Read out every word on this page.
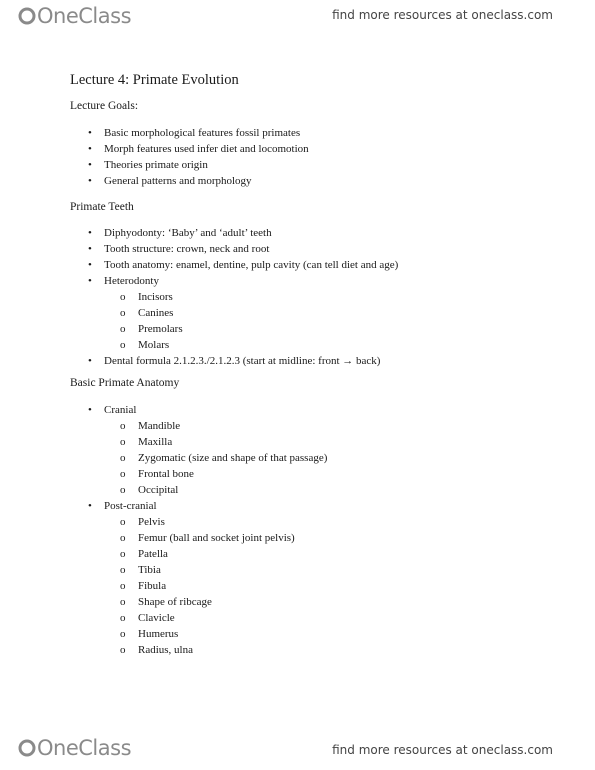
OneClass	find more resources at oneclass.com
Lecture 4: Primate Evolution
Lecture Goals:
• Basic morphological features fossil primates
• Morph features used infer diet and locomotion
• Theories primate origin
• General patterns and morphology
Primate Teeth
• Diphyodonty: ‘Baby’ and ‘adult’ teeth
• Tooth structure: crown, neck and root
• Tooth anatomy: enamel, dentine, pulp cavity (can tell diet and age)
• Heterodonty
o Incisors
o Canines
o Premolars
o Molars
• Dental formula 2.1.2.3./2.1.2.3 (start at midline: front → back)
Basic Primate Anatomy
• Cranial
o Mandible
o Maxilla
o Zygomatic (size and shape of that passage)
o Frontal bone
o Occipital
• Post-cranial
o Pelvis
o Femur (ball and socket joint pelvis)
o Patella
o Tibia
o Fibula
o Shape of ribcage
o Clavicle
o Humerus
o Radius, ulna
OneClass	find more resources at oneclass.com
